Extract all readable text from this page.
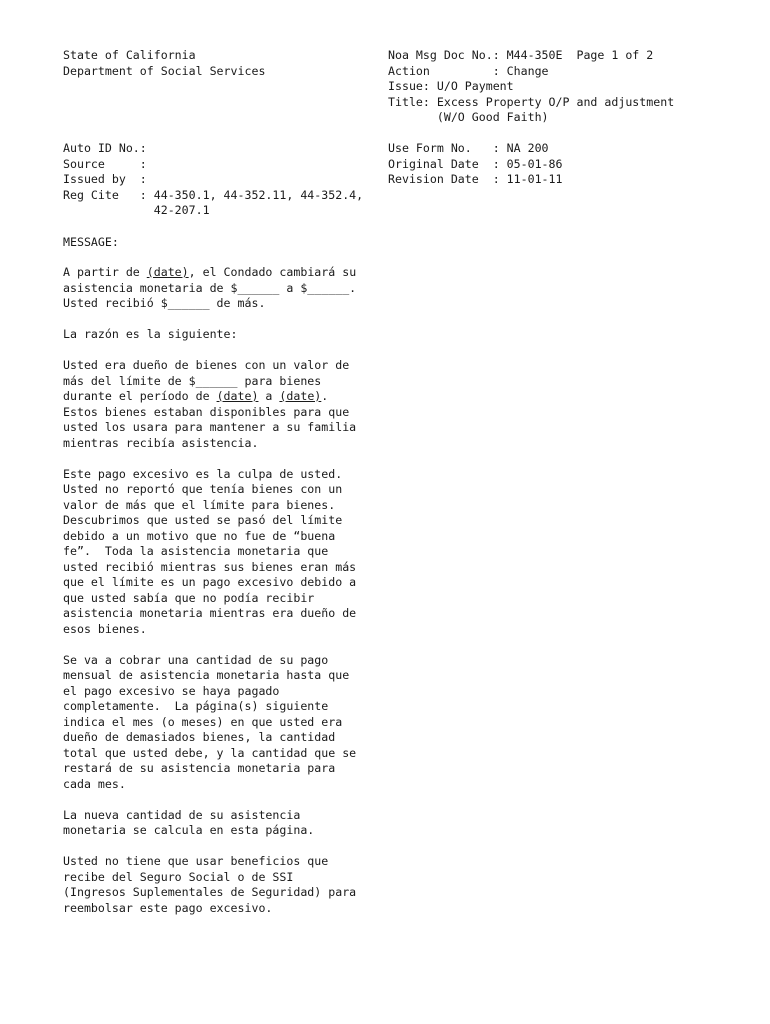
State of California
Department of Social Services
Noa Msg Doc No.: M44-350E  Page 1 of 2
Action         : Change
Issue: U/O Payment
Title: Excess Property O/P and adjustment
(W/O Good Faith)
Auto ID No.:
Source     :
Issued by  :
Reg Cite   : 44-350.1, 44-352.11, 44-352.4,
42-207.1
Use Form No.   : NA 200
Original Date  : 05-01-86
Revision Date  : 11-01-11
MESSAGE:
A partir de (date), el Condado cambiará su
asistencia monetaria de $______ a $______.
Usted recibió $______ de más.
La razón es la siguiente:
Usted era dueño de bienes con un valor de
más del límite de $______ para bienes
durante el período de (date) a (date).
Estos bienes estaban disponibles para que
usted los usara para mantener a su familia
mientras recibía asistencia.
Este pago excesivo es la culpa de usted.
Usted no reportó que tenía bienes con un
valor de más que el límite para bienes.
Descubrimos que usted se pasó del límite
debido a un motivo que no fue de “buena
fe”.  Toda la asistencia monetaria que
usted recibió mientras sus bienes eran más
que el límite es un pago excesivo debido a
que usted sabía que no podía recibir
asistencia monetaria mientras era dueño de
esos bienes.
Se va a cobrar una cantidad de su pago
mensual de asistencia monetaria hasta que
el pago excesivo se haya pagado
completamente.  La página(s) siguiente
indica el mes (o meses) en que usted era
dueño de demasiados bienes, la cantidad
total que usted debe, y la cantidad que se
restará de su asistencia monetaria para
cada mes.
La nueva cantidad de su asistencia
monetaria se calcula en esta página.
Usted no tiene que usar beneficios que
recibe del Seguro Social o de SSI
(Ingresos Suplementales de Seguridad) para
reembolsar este pago excesivo.
